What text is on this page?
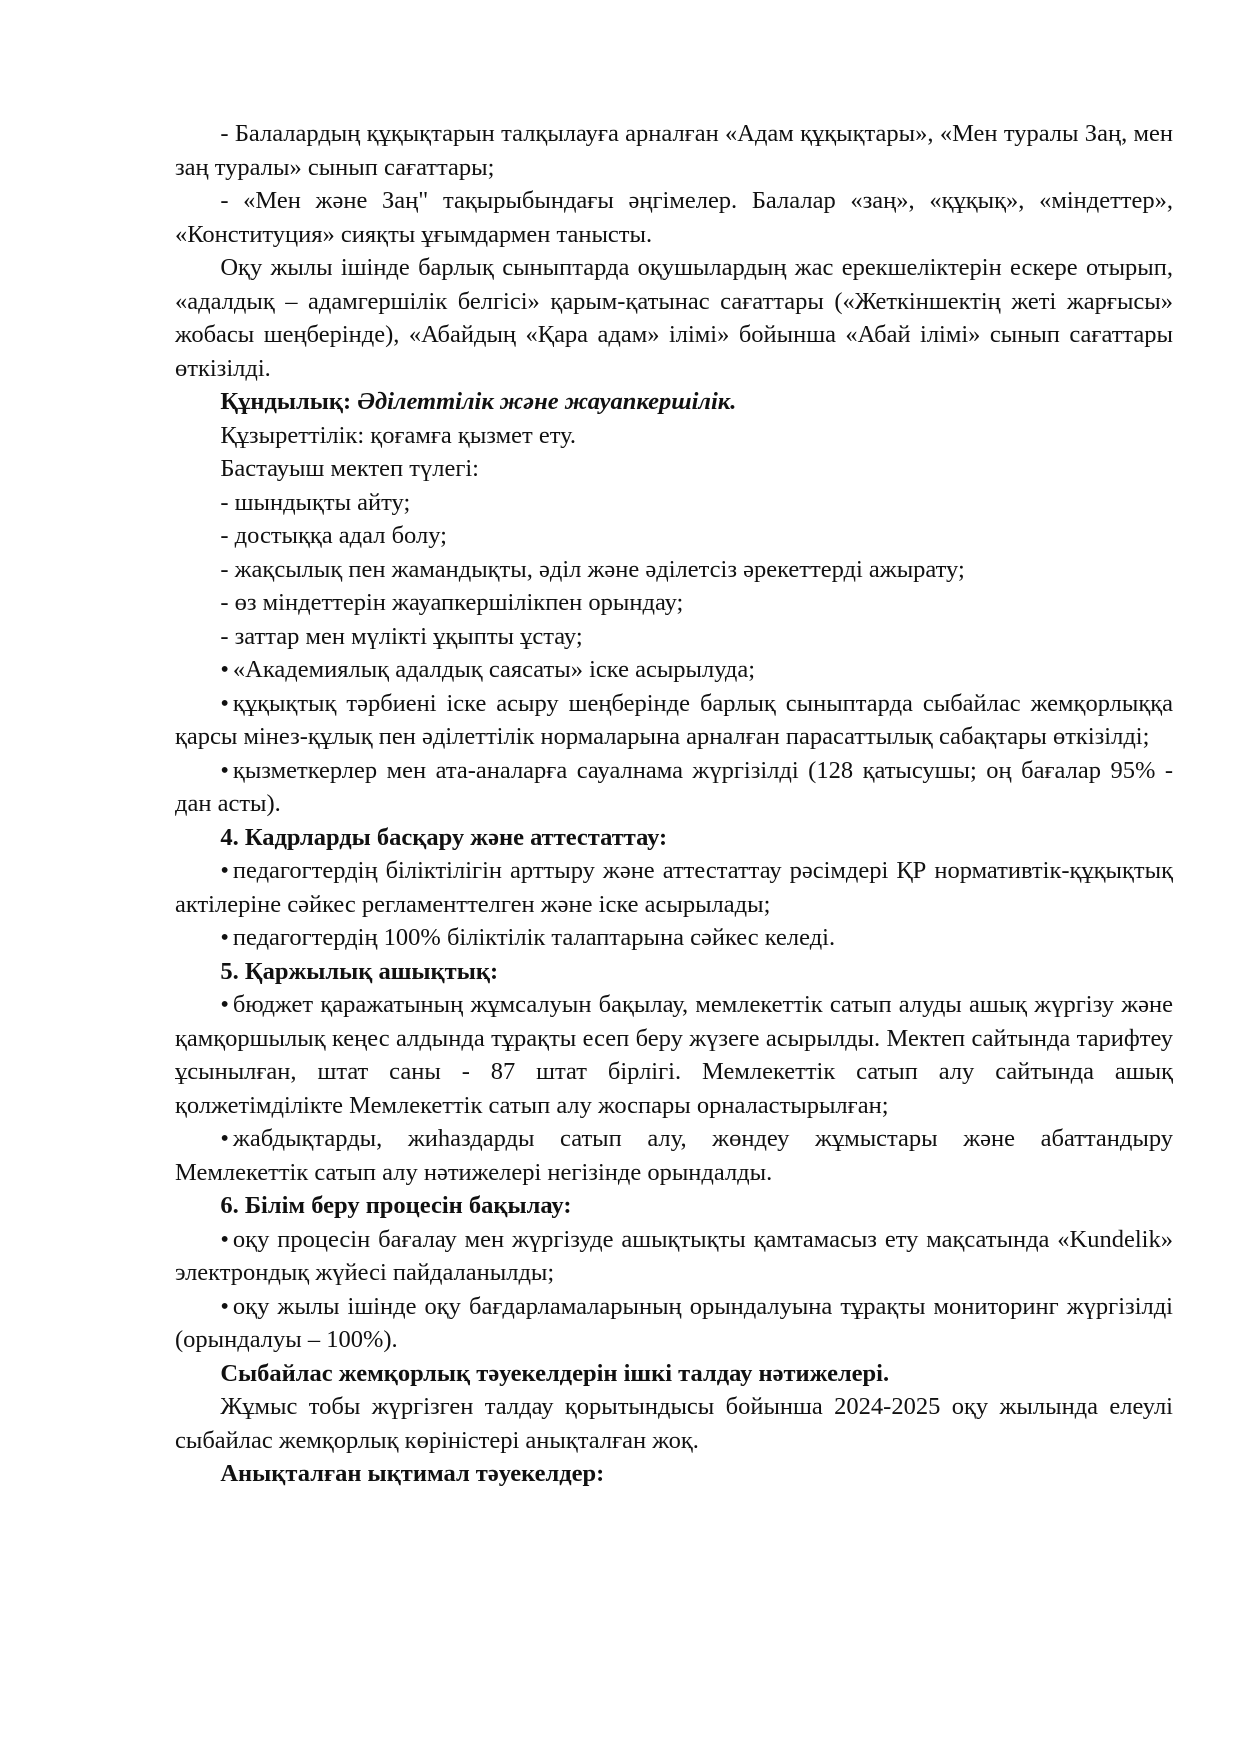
- Балалардың құқықтарын талқылауға арналған «Адам құқықтары», «Мен туралы Заң, мен заң туралы» сынып сағаттары;

- «Мен және Заң" тақырыбындағы әңгімелер. Балалар «заң», «құқық», «міндеттер», «Конституция» сияқты ұғымдармен танысты.

Оқу жылы ішінде барлық сыныптарда оқушылардың жас ерекшеліктерін ескере отырып, «адалдық – адамгершілік белгісі» қарым-қатынас сағаттары («Жеткіншектің жеті жарғысы» жобасы шеңберінде), «Абайдың «Қара адам» ілімі» бойынша «Абай ілімі» сынып сағаттары өткізілді.

Құндылық: Әділеттілік және жауапкершілік.

Құзыреттілік: қоғамға қызмет ету.

Бастауыш мектеп түлегі:

- шындықты айту;

- достыққа адал болу;

- жақсылық пен жамандықты, әділ және әділетсіз әрекеттерді ажырату;

- өз міндеттерін жауапкершілікпен орындау;

- заттар мен мүлікті ұқыпты ұстау;

• «Академиялық адалдық саясаты» іске асырылуда;

• құқықтық тәрбиені іске асыру шеңберінде барлық сыныптарда сыбайлас жемқорлыққа қарсы мінез-құлық пен әділеттілік нормаларына арналған парасаттылық сабақтары өткізілді;

• қызметкерлер мен ата-аналарға сауалнама жүргізілді (128 қатысушы; оң бағалар 95% - дан асты).

4. Кадрларды басқару және аттестаттау:

• педагогтердің біліктілігін арттыру және аттестаттау рәсімдері ҚР нормативтік-құқықтық актілеріне сәйкес регламенттелген және іске асырылады;

• педагогтердің 100% біліктілік талаптарына сәйкес келеді.

5. Қаржылық ашықтық:

• бюджет қаражатының жұмсалуын бақылау, мемлекеттік сатып алуды ашық жүргізу және қамқоршылық кеңес алдында тұрақты есеп беру жүзеге асырылды. Мектеп сайтында тарифтеу ұсынылған, штат саны - 87 штат бірлігі. Мемлекеттік сатып алу сайтында ашық қолжетімділікте Мемлекеттік сатып алу жоспары орналастырылған;

• жабдықтарды, жиһаздарды сатып алу, жөндеу жұмыстары және абаттандыру Мемлекеттік сатып алу нәтижелері негізінде орындалды.

6. Білім беру процесін бақылау:

• оқу процесін бағалау мен жүргізуде ашықтықты қамтамасыз ету мақсатында «Kundelik» электрондық жүйесі пайдаланылды;

• оқу жылы ішінде оқу бағдарламаларының орындалуына тұрақты мониторинг жүргізілді (орындалуы – 100%).

Сыбайлас жемқорлық тәуекелдерін ішкі талдау нәтижелері.

Жұмыс тобы жүргізген талдау қорытындысы бойынша 2024-2025 оқу жылында елеулі сыбайлас жемқорлық көріністері анықталған жоқ.

Анықталған ықтимал тәуекелдер:
